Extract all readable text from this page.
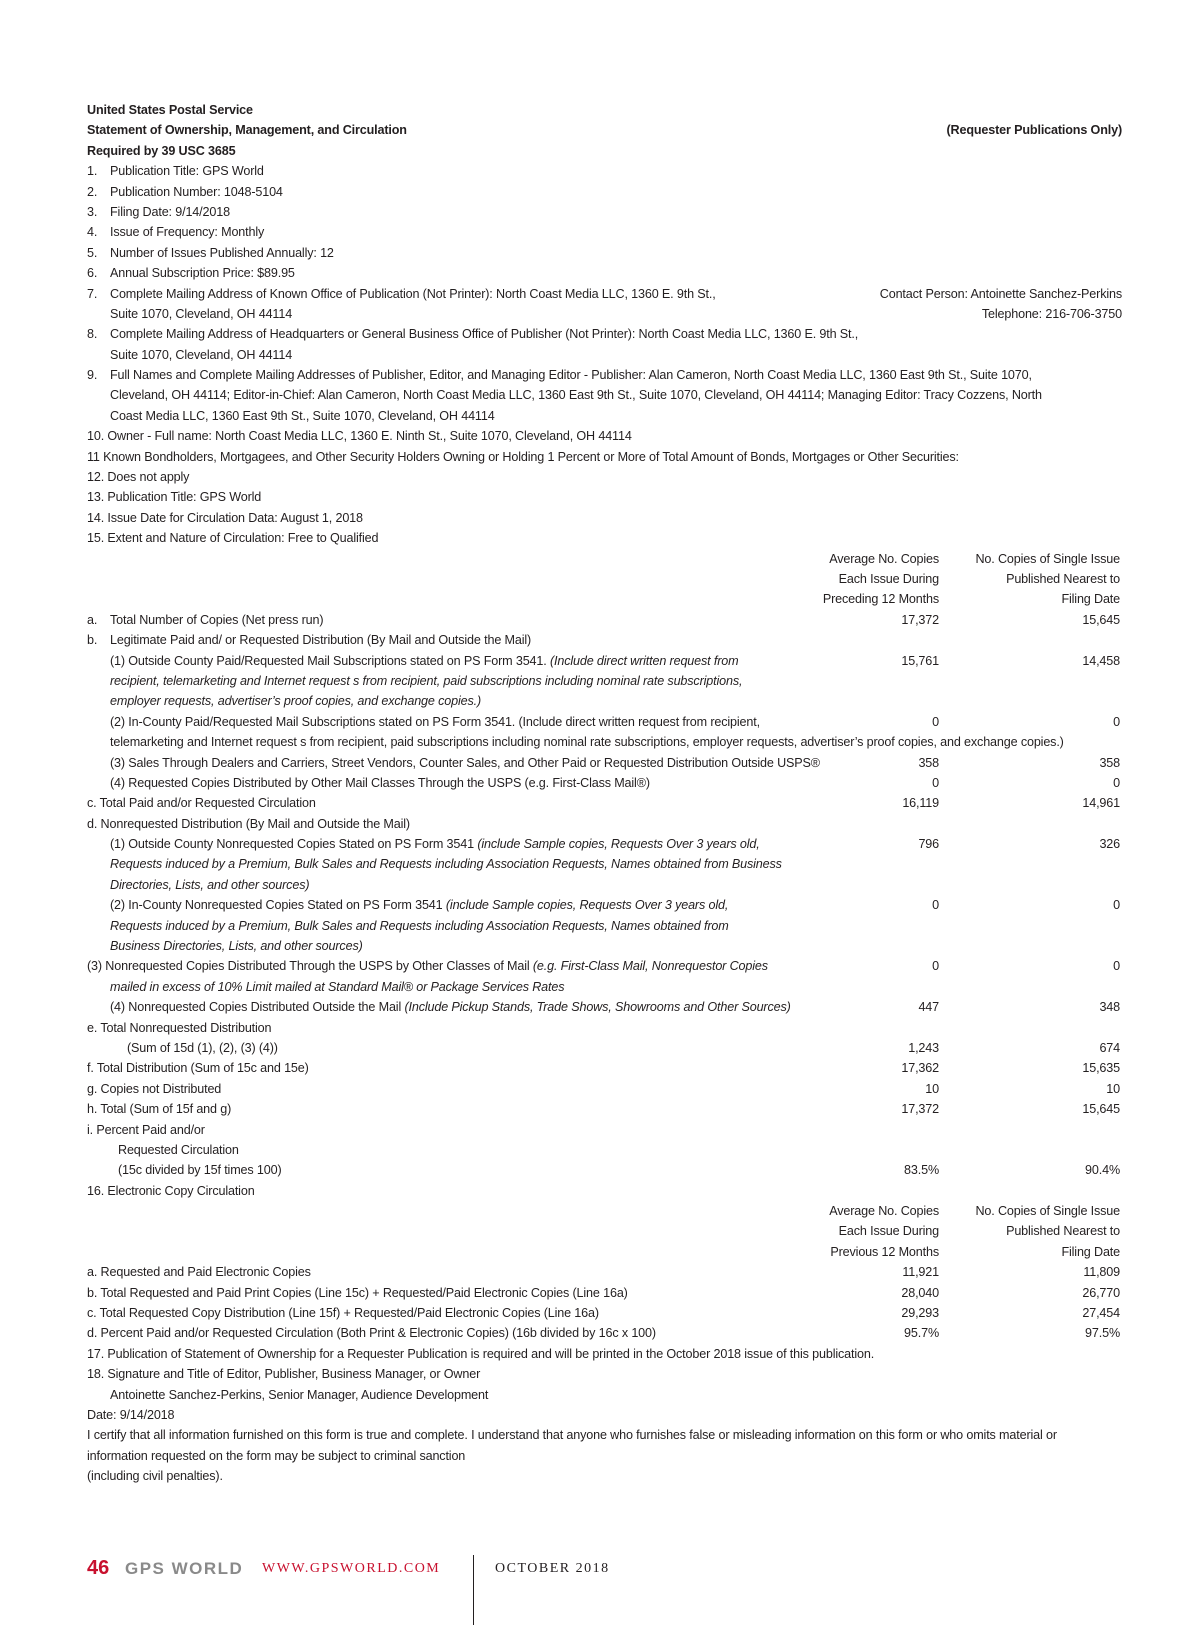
United States Postal Service
Statement of Ownership, Management, and Circulation	(Requester Publications Only)
Required by 39 USC 3685
1. Publication Title: GPS World
2. Publication Number: 1048-5104
3. Filing Date: 9/14/2018
4. Issue of Frequency: Monthly
5. Number of Issues Published Annually: 12
6. Annual Subscription Price: $89.95
7. Complete Mailing Address of Known Office of Publication (Not Printer): North Coast Media LLC, 1360 E. 9th St.,	Contact Person: Antoinette Sanchez-Perkins
Suite 1070, Cleveland, OH 44114	Telephone: 216-706-3750
8. Complete Mailing Address of Headquarters or General Business Office of Publisher (Not Printer): North Coast Media LLC, 1360 E. 9th St.,
Suite 1070, Cleveland, OH 44114
9. Full Names and Complete Mailing Addresses of Publisher, Editor, and Managing Editor - Publisher: Alan Cameron, North Coast Media LLC, 1360 East 9th St., Suite 1070,
Cleveland, OH 44114; Editor-in-Chief: Alan Cameron, North Coast Media LLC, 1360 East 9th St., Suite 1070, Cleveland, OH 44114; Managing Editor: Tracy Cozzens, North
Coast Media LLC, 1360 East 9th St., Suite 1070, Cleveland, OH 44114
10. Owner - Full name: North Coast Media LLC, 1360 E. Ninth St., Suite 1070, Cleveland, OH 44114
11 Known Bondholders, Mortgagees, and Other Security Holders Owning or Holding 1 Percent or More of Total Amount of Bonds, Mortgages or Other Securities:
12. Does not apply
13. Publication Title: GPS World
14. Issue Date for Circulation Data: August 1, 2018
15. Extent and Nature of Circulation: Free to Qualified
Average No. Copies	No. Copies of Single Issue
Each Issue During	Published Nearest to
Preceding 12 Months	Filing Date
a. Total Number of Copies (Net press run)	17,372	15,645
b. Legitimate Paid and/ or Requested Distribution (By Mail and Outside the Mail)
(1) Outside County Paid/Requested Mail Subscriptions stated on PS Form 3541. (Include direct written request from	15,761	14,458
recipient, telemarketing and Internet request s from recipient, paid subscriptions including nominal rate subscriptions,
employer requests, advertiser’s proof copies, and exchange copies.)
(2) In-County Paid/Requested Mail Subscriptions stated on PS Form 3541. (Include direct written request from recipient,	0	0
telemarketing and Internet request s from recipient, paid subscriptions including nominal rate subscriptions, employer requests, advertiser’s proof copies, and exchange copies.)
(3) Sales Through Dealers and Carriers, Street Vendors, Counter Sales, and Other Paid or Requested Distribution Outside USPS®	358	358
(4) Requested Copies Distributed by Other Mail Classes Through the USPS (e.g. First-Class Mail®)	0	0
c. Total Paid and/or Requested Circulation	16,119	14,961
d. Nonrequested Distribution (By Mail and Outside the Mail)
(1) Outside County Nonrequested Copies Stated on PS Form 3541 (include Sample copies, Requests Over 3 years old,	796	326
Requests induced by a Premium, Bulk Sales and Requests including Association Requests, Names obtained from Business
Directories, Lists, and other sources)
(2) In-County Nonrequested Copies Stated on PS Form 3541 (include Sample copies, Requests Over 3 years old,	0	0
Requests induced by a Premium, Bulk Sales and Requests including Association Requests, Names obtained from
Business Directories, Lists, and other sources)
(3) Nonrequested Copies Distributed Through the USPS by Other Classes of Mail (e.g. First-Class Mail, Nonrequestor Copies	0	0
mailed in excess of 10% Limit mailed at Standard Mail® or Package Services Rates
(4) Nonrequested Copies Distributed Outside the Mail (Include Pickup Stands, Trade Shows, Showrooms and Other Sources)	447	348
e. Total Nonrequested Distribution
(Sum of 15d (1), (2), (3) (4))	1,243	674
f. Total Distribution (Sum of 15c and 15e)	17,362	15,635
g. Copies not Distributed	10	10
h. Total (Sum of 15f and g)	17,372	15,645
i. Percent Paid and/or
Requested Circulation
(15c divided by 15f times 100)	83.5%	90.4%
16. Electronic Copy Circulation
Average No. Copies	No. Copies of Single Issue
Each Issue During	Published Nearest to
Previous 12 Months	Filing Date
a. Requested and Paid Electronic Copies	11,921	11,809
b. Total Requested and Paid Print Copies (Line 15c) + Requested/Paid Electronic Copies (Line 16a)	28,040	26,770
c. Total Requested Copy Distribution (Line 15f) + Requested/Paid Electronic Copies (Line 16a)	29,293	27,454
d. Percent Paid and/or Requested Circulation (Both Print & Electronic Copies) (16b divided by 16c x 100)	95.7%	97.5%
17. Publication of Statement of Ownership for a Requester Publication is required and will be printed in the October 2018 issue of this publication.
18. Signature and Title of Editor, Publisher, Business Manager, or Owner
Antoinette Sanchez-Perkins, Senior Manager, Audience Development
Date: 9/14/2018
I certify that all information furnished on this form is true and complete. I understand that anyone who furnishes false or misleading information on this form or who omits material or
information requested on the form may be subject to criminal sanction
(including civil penalties).
46 GPS WORLD WWW.GPSWORLD.COM	OCTOBER 2018
